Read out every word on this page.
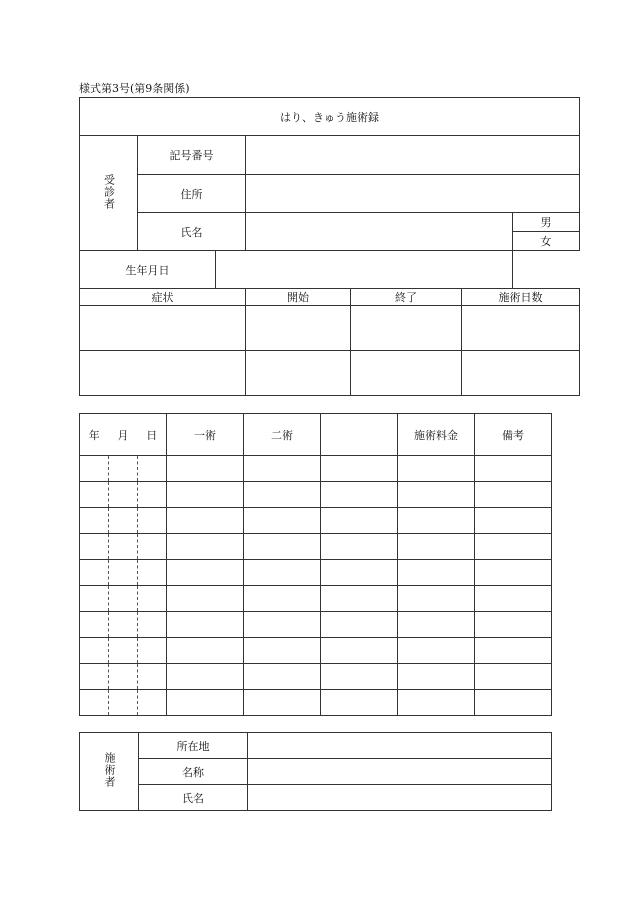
様式第3号(第9条関係)
はり、きゅう施術録						
受診者	記号番号					
	住所					
	氏名					男
						女
生年月日						
症状			開始	終了	施術日数	

年	月	日	一術	二術		施術料金	備考

施術者	所在地	
	名称	
	氏名	
